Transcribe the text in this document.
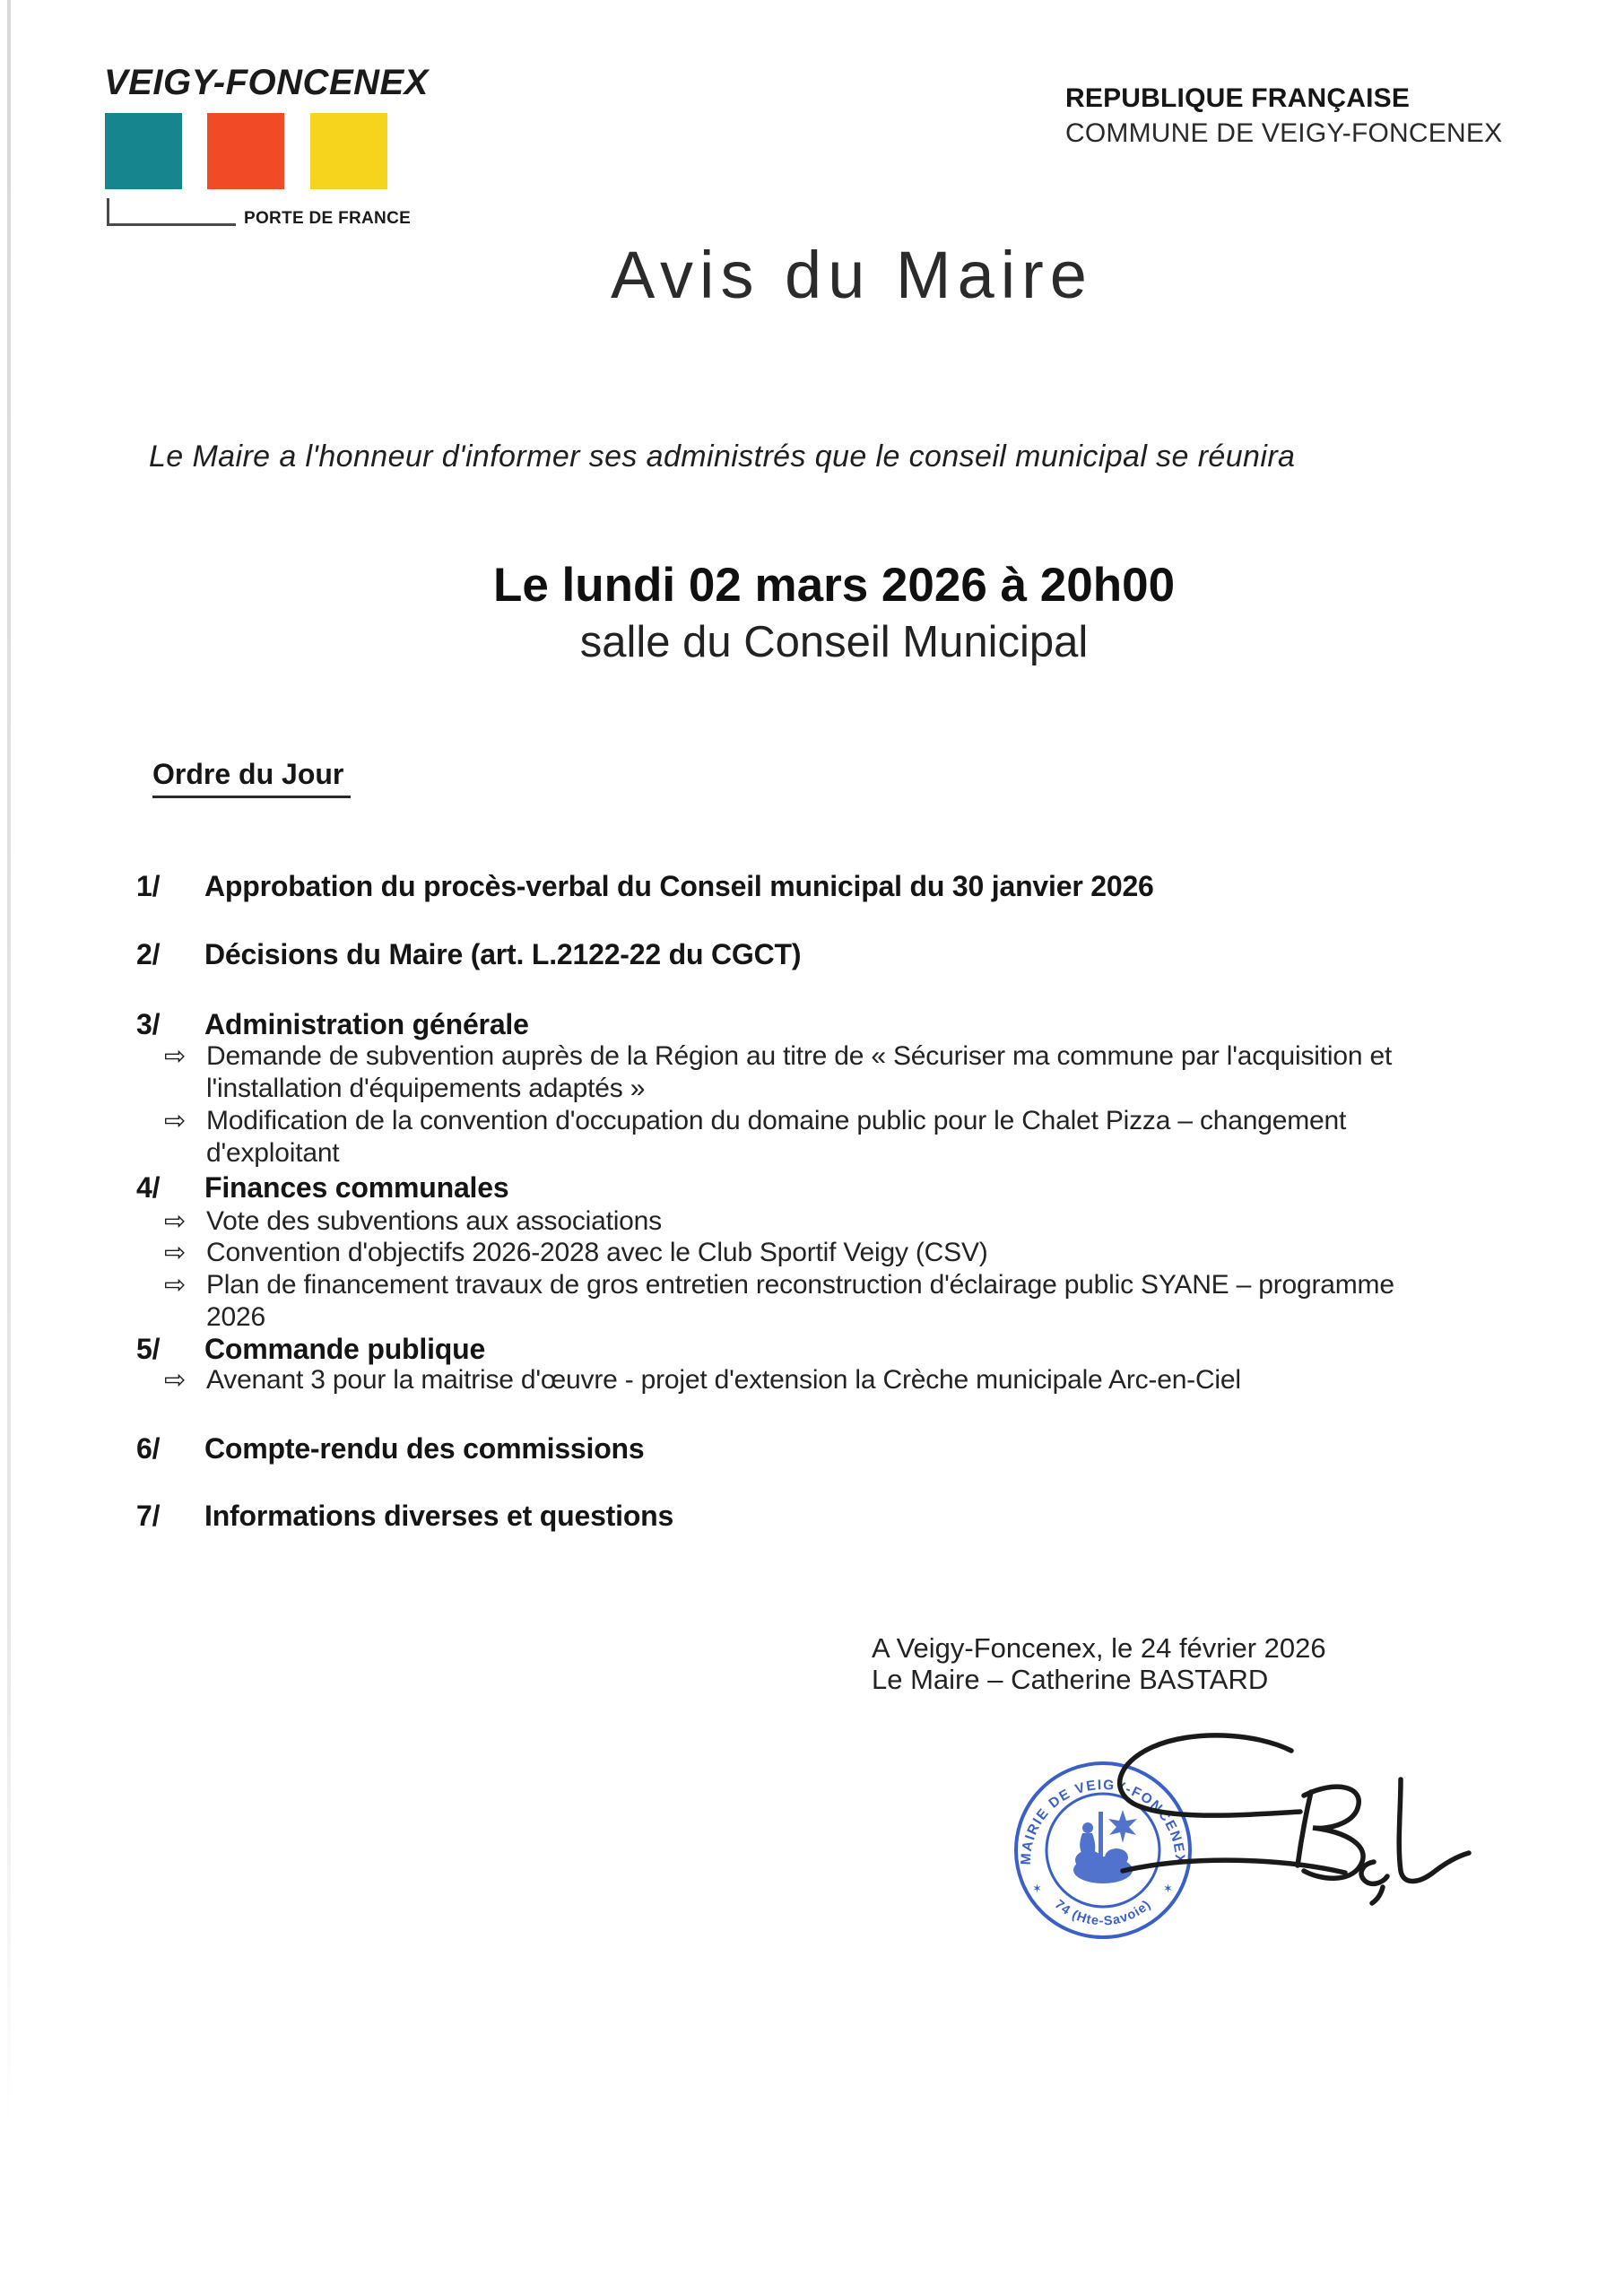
VEIGY-FONCENEX
PORTE DE FRANCE
REPUBLIQUE FRANÇAISE
COMMUNE DE VEIGY-FONCENEX
Avis du Maire
Le Maire a l'honneur d'informer ses administrés que le conseil municipal se réunira
Le lundi 02 mars 2026 à 20h00
salle du Conseil Municipal
Ordre du Jour
1/ Approbation du procès-verbal du Conseil municipal du 30 janvier 2026
2/ Décisions du Maire (art. L.2122-22 du CGCT)
3/ Administration générale
⇨ Demande de subvention auprès de la Région au titre de « Sécuriser ma commune par l'acquisition et l'installation d'équipements adaptés »
⇨ Modification de la convention d'occupation du domaine public pour le Chalet Pizza – changement d'exploitant
4/ Finances communales
⇨ Vote des subventions aux associations
⇨ Convention d'objectifs 2026-2028 avec le Club Sportif Veigy (CSV)
⇨ Plan de financement travaux de gros entretien reconstruction d'éclairage public SYANE – programme 2026
5/ Commande publique
⇨ Avenant 3 pour la maitrise d'œuvre - projet d'extension la Crèche municipale Arc-en-Ciel
6/ Compte-rendu des commissions
7/ Informations diverses et questions
A Veigy-Foncenex, le 24 février 2026
Le Maire – Catherine BASTARD
MAIRIE DE VEIGY-FONCENEX
74 (Hte-Savoie)
✶	✶
